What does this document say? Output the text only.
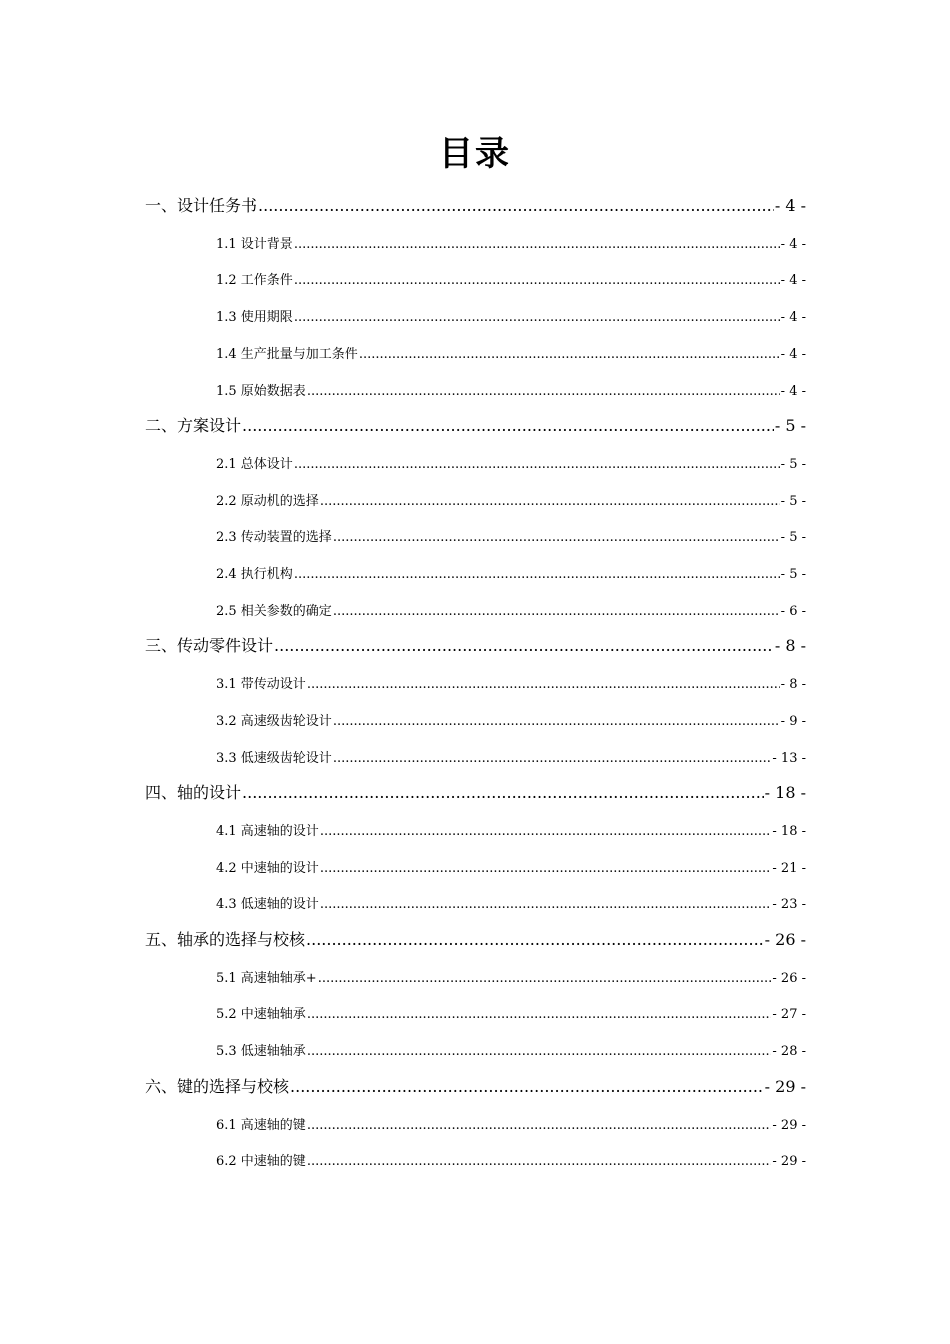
目录
一、设计任务书 .....	- 4 -
1.1 设计背景 .....	- 4 -
1.2 工作条件 .....	- 4 -
1.3 使用期限 .....	- 4 -
1.4 生产批量与加工条件 .....	- 4 -
1.5 原始数据表 .....	- 4 -
二、方案设计 .....	- 5 -
2.1 总体设计 .....	- 5 -
2.2 原动机的选择 .....	- 5 -
2.3 传动装置的选择 .....	- 5 -
2.4 执行机构 .....	- 5 -
2.5 相关参数的确定 .....	- 6 -
三、传动零件设计 .....	- 8 -
3.1 带传动设计 .....	- 8 -
3.2 高速级齿轮设计 .....	- 9 -
3.3 低速级齿轮设计 .....	- 13 -
四、轴的设计 .....	- 18 -
4.1 高速轴的设计 .....	- 18 -
4.2 中速轴的设计 .....	- 21 -
4.3 低速轴的设计 .....	- 23 -
五、轴承的选择与校核 .....	- 26 -
5.1 高速轴轴承+ .....	- 26 -
5.2 中速轴轴承 .....	- 27 -
5.3 低速轴轴承 .....	- 28 -
六、键的选择与校核 .....	- 29 -
6.1 高速轴的键 .....	- 29 -
6.2 中速轴的键 .....	- 29 -
